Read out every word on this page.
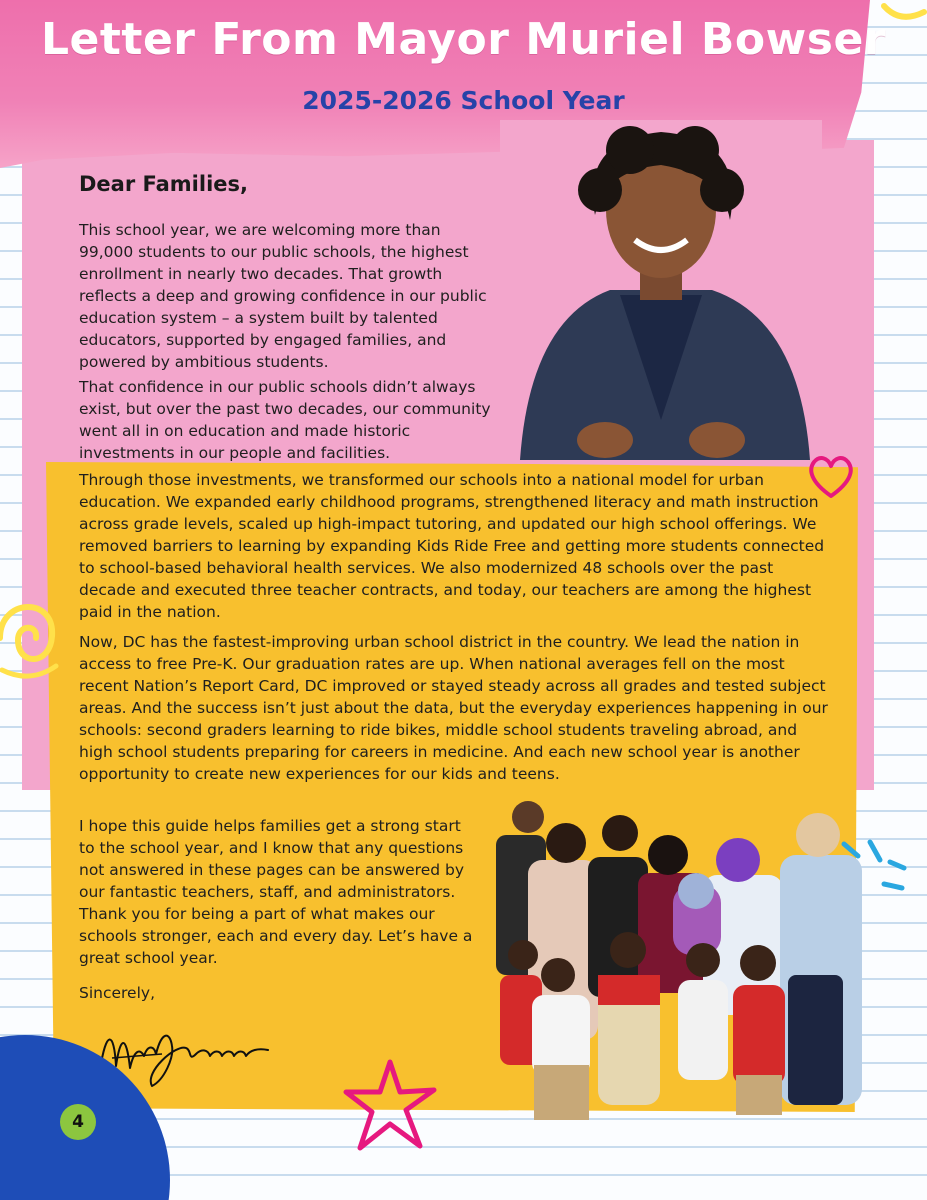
Letter From Mayor Muriel Bowser
2025-2026 School Year

Dear Families,

This school year, we are welcoming more than 99,000 students to our public schools, the highest enrollment in nearly two decades. That growth reflects a deep and growing confidence in our public education system – a system built by talented educators, supported by engaged families, and powered by ambitious students.

That confidence in our public schools didn’t always exist, but over the past two decades, our community went all in on education and made historic investments in our people and facilities.

Through those investments, we transformed our schools into a national model for urban education. We expanded early childhood programs, strengthened literacy and math instruction across grade levels, scaled up high-impact tutoring, and updated our high school offerings. We removed barriers to learning by expanding Kids Ride Free and getting more students connected to school-based behavioral health services. We also modernized 48 schools over the past decade and executed three teacher contracts, and today, our teachers are among the highest paid in the nation.

Now, DC has the fastest-improving urban school district in the country. We lead the nation in access to free Pre-K. Our graduation rates are up. When national averages fell on the most recent Nation’s Report Card, DC improved or stayed steady across all grades and tested subject areas. And the success isn’t just about the data, but the everyday experiences happening in our schools: second graders learning to ride bikes, middle school students traveling abroad, and high school students preparing for careers in medicine. And each new school year is another opportunity to create new experiences for our kids and teens.

I hope this guide helps families get a strong start to the school year, and I know that any questions not answered in these pages can be answered by our fantastic teachers, staff, and administrators. Thank you for being a part of what makes our schools stronger, each and every day. Let’s have a great school year.

Sincerely,

4
